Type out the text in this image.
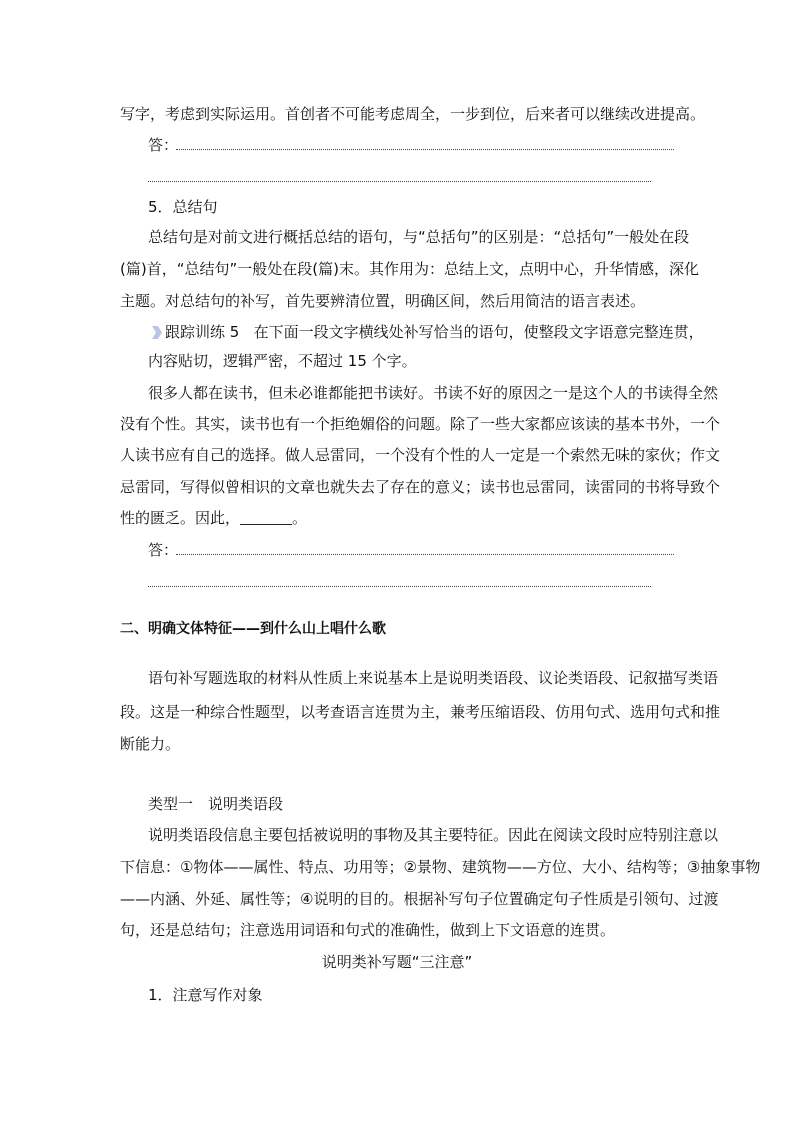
写字，考虑到实际运用。首创者不可能考虑周全，一步到位，后来者可以继续改进提高。
答：
5．总结句
总结句是对前文进行概括总结的语句，与“总括句”的区别是：“总括句”一般处在段
(篇)首，“总结句”一般处在段(篇)末。其作用为：总结上文，点明中心，升华情感，深化
主题。对总结句的补写，首先要辨清位置，明确区间，然后用简洁的语言表述。
跟踪训练 5 在下面一段文字横线处补写恰当的语句，使整段文字语意完整连贯，
内容贴切，逻辑严密，不超过 15 个字。
很多人都在读书，但未必谁都能把书读好。书读不好的原因之一是这个人的书读得全然
没有个性。其实，读书也有一个拒绝媚俗的问题。除了一些大家都应该读的基本书外，一个
人读书应有自己的选择。做人忌雷同，一个没有个性的人一定是一个索然无味的家伙；作文
忌雷同，写得似曾相识的文章也就失去了存在的意义；读书也忌雷同，读雷同的书将导致个
性的匮乏。因此，	。
答：
二、明确文体特征——到什么山上唱什么歌
语句补写题选取的材料从性质上来说基本上是说明类语段、议论类语段、记叙描写类语
段。这是一种综合性题型，以考查语言连贯为主，兼考压缩语段、仿用句式、选用句式和推
断能力。
类型一　说明类语段
说明类语段信息主要包括被说明的事物及其主要特征。因此在阅读文段时应特别注意以
下信息：①物体——属性、特点、功用等；②景物、建筑物——方位、大小、结构等；③抽象事物
——内涵、外延、属性等；④说明的目的。根据补写句子位置确定句子性质是引领句、过渡
句，还是总结句；注意选用词语和句式的准确性，做到上下文语意的连贯。
说明类补写题“三注意”
1．注意写作对象
